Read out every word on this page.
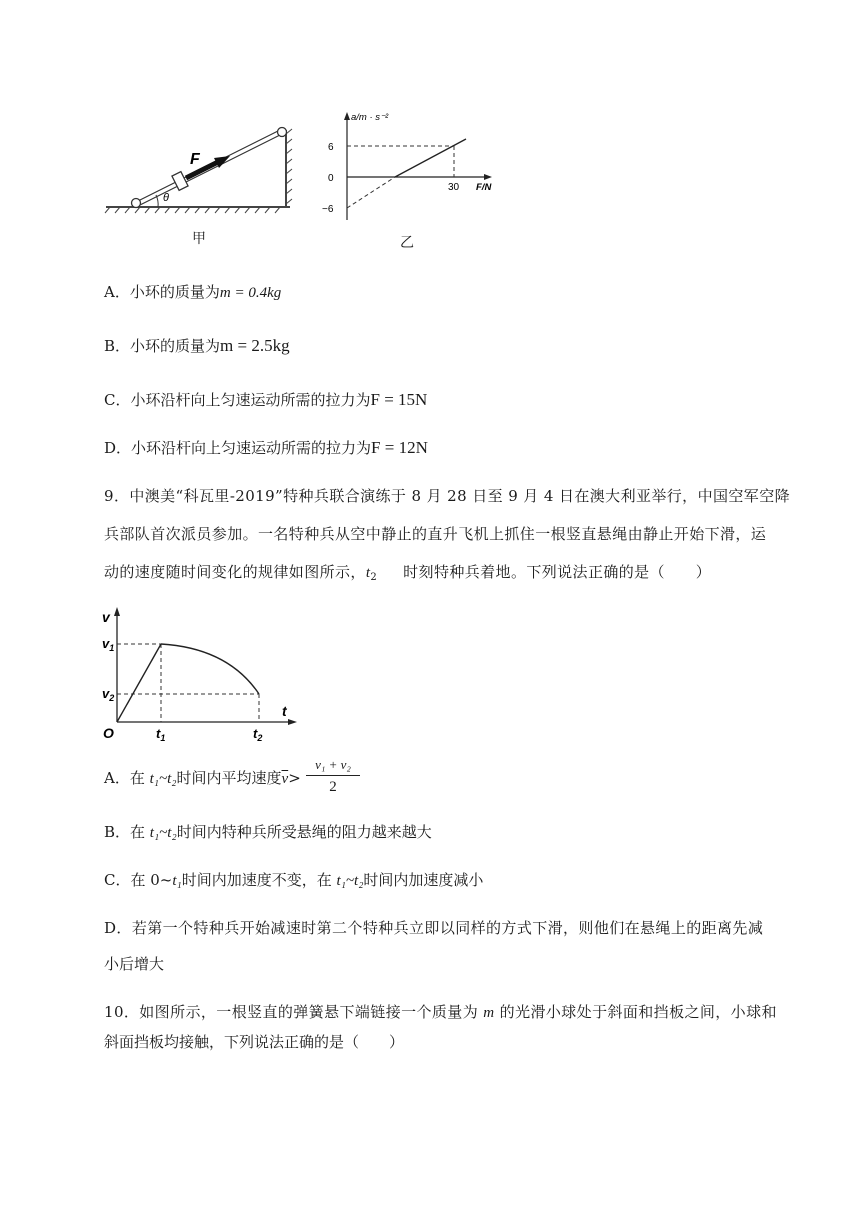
F
θ
甲
a/m · s⁻²
6
0
−6
30 F/N
乙
A．小环的质量为m = 0.4kg
B．小环的质量为m = 2.5kg
C．小环沿杆向上匀速运动所需的拉力为F = 15N
D．小环沿杆向上匀速运动所需的拉力为F = 12N
9．中澳美“科瓦里-2019”特种兵联合演练于 8 月 28 日至 9 月 4 日在澳大利亚举行，中国空军空降
兵部队首次派员参加。一名特种兵从空中静止的直升飞机上抓住一根竖直悬绳由静止开始下滑，运
动的速度随时间变化的规律如图所示，$t_2$ 时刻特种兵着地。下列说法正确的是（　　）
v
$v_1$
$v_2$
O	$t_1$	$t_2$
t
A．在 t₁~t₂时间内平均速度$\overline{v}>$
v₁ + v₂
2
B．在 t₁~t₂时间内特种兵所受悬绳的阻力越来越大
C．在 0~t₁时间内加速度不变，在 t₁~t₂时间内加速度减小
D．若第一个特种兵开始减速时第二个特种兵立即以同样的方式下滑，则他们在悬绳上的距离先减
小后增大
10．如图所示，一根竖直的弹簧悬下端链接一个质量为 m 的光滑小球处于斜面和挡板之间，小球和
斜面挡板均接触，下列说法正确的是（　　）
